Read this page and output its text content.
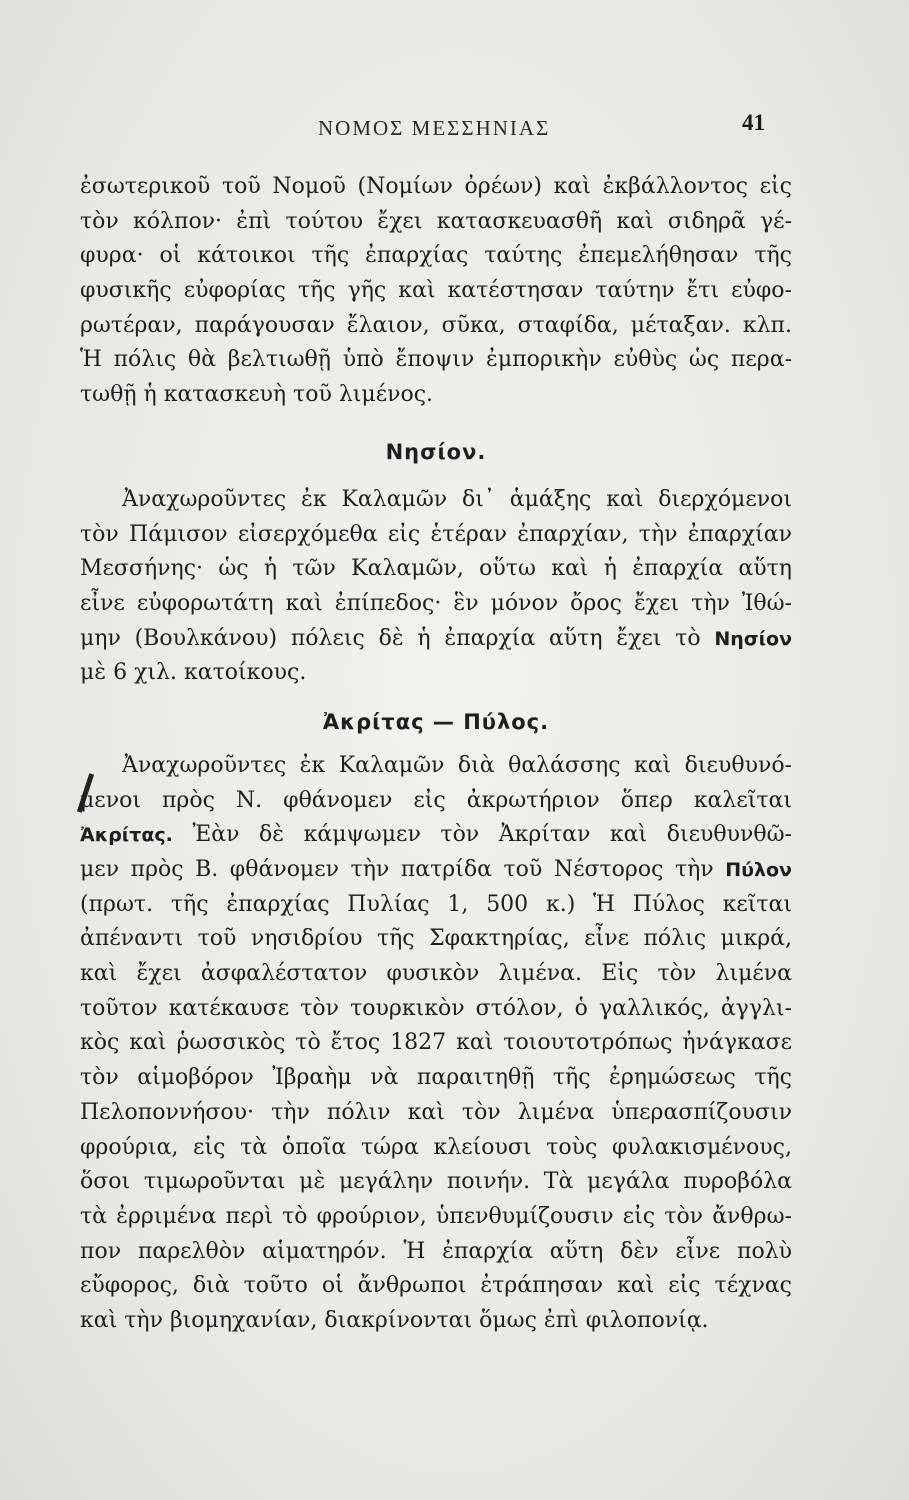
ΝΟΜΟΣ ΜΕΣΣΗΝΙΑΣ	41
ἐσωτερικοῦ τοῦ Νομοῦ (Νομίων ὀρέων) καὶ ἐκβάλλοντος εἰς
τὸν κόλπον· ἐπὶ τούτου ἔχει κατασκευασθῆ καὶ σιδηρᾶ γέ-
φυρα· οἱ κάτοικοι τῆς ἐπαρχίας ταύτης ἐπεμελήθησαν τῆς
φυσικῆς εὐφορίας τῆς γῆς καὶ κατέστησαν ταύτην ἔτι εὐφο-
ρωτέραν, παράγουσαν ἔλαιον, σῦκα, σταφίδα, μέταξαν. κλπ.
Ἡ πόλις θὰ βελτιωθῇ ὑπὸ ἔποψιν ἐμπορικὴν εὐθὺς ὡς περα-
τωθῇ ἡ κατασκευὴ τοῦ λιμένος.
Νησίον.
Ἀναχωροῦντες ἐκ Καλαμῶν δι᾽ ἁμάξης καὶ διερχόμενοι
τὸν Πάμισον εἰσερχόμεθα εἰς ἑτέραν ἐπαρχίαν, τὴν ἐπαρχίαν
Μεσσήνης· ὡς ἡ τῶν Καλαμῶν, οὕτω καὶ ἡ ἐπαρχία αὕτη
εἶνε εὐφορωτάτη καὶ ἐπίπεδος· ἓν μόνον ὄρος ἔχει τὴν Ἰθώ-
μην (Βουλκάνου) πόλεις δὲ ἡ ἐπαρχία αὕτη ἔχει τὸ Νησίον
μὲ 6 χιλ. κατοίκους.
Ἀκρίτας — Πύλος.
Ἀναχωροῦντες ἐκ Καλαμῶν διὰ θαλάσσης καὶ διευθυνό-
μενοι πρὸς Ν. φθάνομεν εἰς ἀκρωτήριον ὅπερ καλεῖται
Ἀκρίτας. Ἐὰν δὲ κάμψωμεν τὸν Ἀκρίταν καὶ διευθυνθῶ-
μεν πρὸς Β. φθάνομεν τὴν πατρίδα τοῦ Νέστορος τὴν Πύλον
(πρωτ. τῆς ἐπαρχίας Πυλίας 1, 500 κ.) Ἡ Πύλος κεῖται
ἀπέναντι τοῦ νησιδρίου τῆς Σφακτηρίας, εἶνε πόλις μικρά,
καὶ ἔχει ἀσφαλέστατον φυσικὸν λιμένα. Εἰς τὸν λιμένα
τοῦτον κατέκαυσε τὸν τουρκικὸν στόλον, ὁ γαλλικός, ἀγγλι-
κὸς καὶ ῥωσσικὸς τὸ ἔτος 1827 καὶ τοιουτοτρόπως ἠνάγκασε
τὸν αἱμοβόρον Ἰβραὴμ νὰ παραιτηθῇ τῆς ἐρημώσεως τῆς
Πελοποννήσου· τὴν πόλιν καὶ τὸν λιμένα ὑπερασπίζουσιν
φρούρια, εἰς τὰ ὁποῖα τώρα κλείουσι τοὺς φυλακισμένους,
ὅσοι τιμωροῦνται μὲ μεγάλην ποινήν. Τὰ μεγάλα πυροβόλα
τὰ ἐρριμένα περὶ τὸ φρούριον, ὑπενθυμίζουσιν εἰς τὸν ἄνθρω-
πον παρελθὸν αἱματηρόν. Ἡ ἐπαρχία αὕτη δὲν εἶνε πολὺ
εὔφορος, διὰ τοῦτο οἱ ἄνθρωποι ἐτράπησαν καὶ εἰς τέχνας
καὶ τὴν βιομηχανίαν, διακρίνονται ὅμως ἐπὶ φιλοπονίᾳ.
